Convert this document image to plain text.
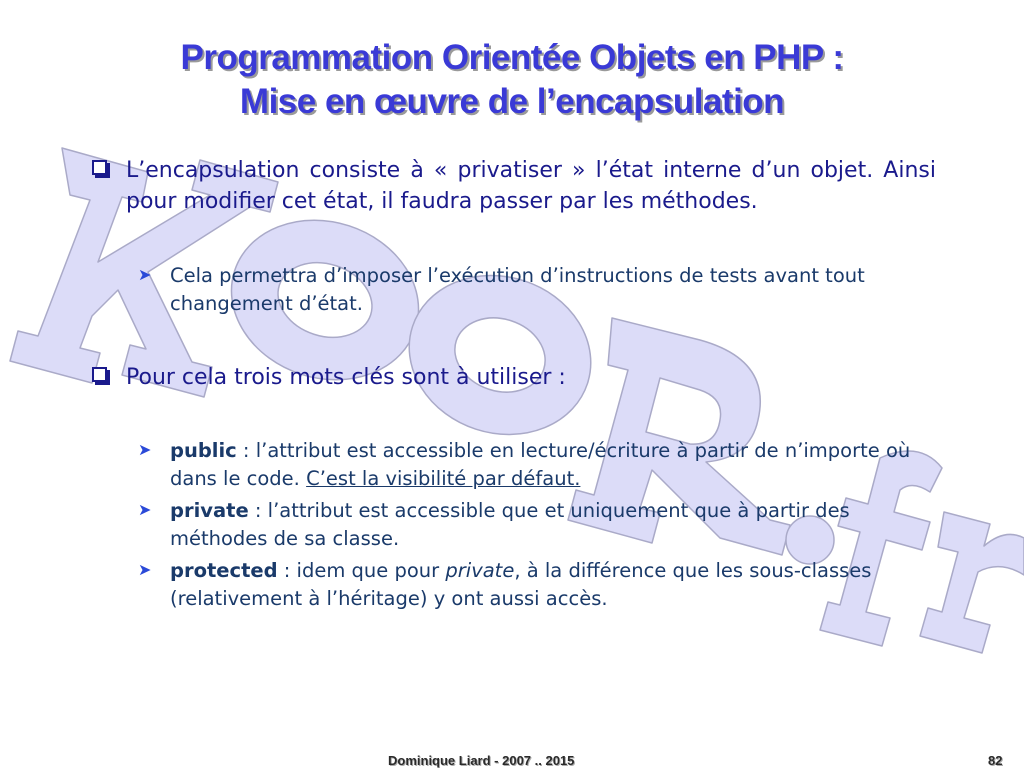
Programmation Orientée Objets en PHP :
Mise en œuvre de l’encapsulation
L’encapsulation consiste à « privatiser » l’état interne d’un objet. Ainsi pour modifier cet état, il faudra passer par les méthodes.
➤ Cela permettra d’imposer l’exécution d’instructions de tests avant tout changement d’état.
Pour cela trois mots clés sont à utiliser :
➤ public : l’attribut est accessible en lecture/écriture à partir de n’importe où dans le code. C’est la visibilité par défaut.
➤ private : l’attribut est accessible que et uniquement que à partir des méthodes de sa classe.
➤ protected : idem que pour private, à la différence que les sous-classes (relativement à l’héritage) y ont aussi accès.
Dominique Liard - 2007 .. 2015	82
